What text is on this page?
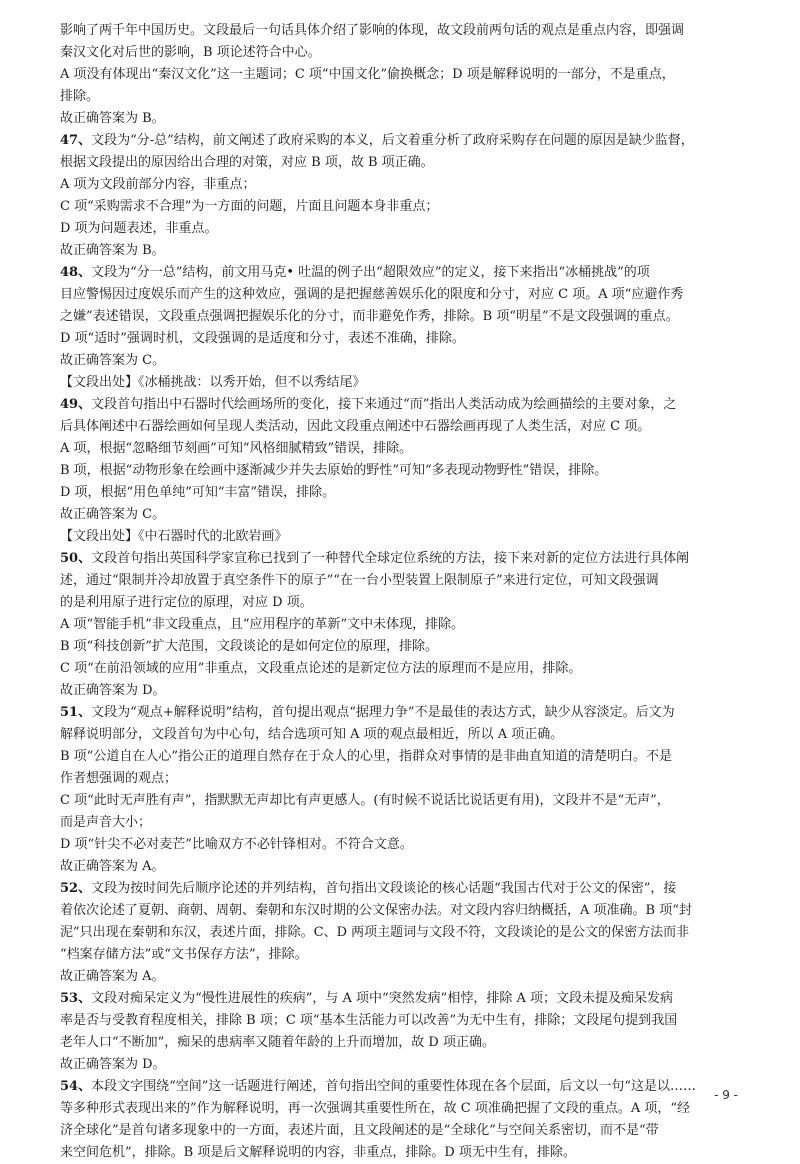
影响了两千年中国历史。文段最后一句话具体介绍了影响的体现，故文段前两句话的观点是重点内容，即强调

秦汉文化对后世的影响，B 项论述符合中心。

A 项没有体现出“秦汉文化”这一主题词；C 项“中国文化”偷换概念；D 项是解释说明的一部分，不是重点，

排除。

故正确答案为 B。

47、文段为“分-总”结构，前文阐述了政府采购的本义，后文着重分析了政府采购存在问题的原因是缺少监督，

根据文段提出的原因给出合理的对策，对应 B 项，故 B 项正确。

A 项为文段前部分内容，非重点；

C 项“采购需求不合理”为一方面的问题，片面且问题本身非重点；

D 项为问题表述，非重点。

故正确答案为 B。

48、文段为“分一总”结构，前文用马克• 吐温的例子出“超限效应”的定义，接下来指出“冰桶挑战”的项

目应警惕因过度娱乐而产生的这种效应，强调的是把握慈善娱乐化的限度和分寸，对应 C 项。A 项“应避作秀

之嫌”表述错误，文段重点强调把握娱乐化的分寸，而非避免作秀，排除。B 项“明星”不是文段强调的重点。

D 项“适时”强调时机，文段强调的是适度和分寸，表述不准确，排除。

故正确答案为 C。

【文段出处】《冰桶挑战：以秀开始，但不以秀结尾》

49、文段首句指出中石器时代绘画场所的变化，接下来通过“而”指出人类活动成为绘画描绘的主要对象，之

后具体阐述中石器绘画如何呈现人类活动，因此文段重点阐述中石器绘画再现了人类生活，对应 C 项。

A 项，根据“忽略细节刻画”可知“风格细腻精致”错误，排除。

B 项，根据“动物形象在绘画中逐渐减少并失去原始的野性”可知“多表现动物野性”错误，排除。

D 项，根据“用色单纯”可知“丰富”错误，排除。

故正确答案为 C。

【文段出处】《中石器时代的北欧岩画》

50、文段首句指出英国科学家宣称已找到了一种替代全球定位系统的方法，接下来对新的定位方法进行具体阐

述，通过“限制并冷却放置于真空条件下的原子”“在一台小型装置上限制原子”来进行定位，可知文段强调

的是利用原子进行定位的原理，对应 D 项。

A 项“智能手机”非文段重点，且“应用程序的革新”文中未体现，排除。

B 项“科技创新”扩大范围，文段谈论的是如何定位的原理，排除。

C 项“在前沿领域的应用”非重点，文段重点论述的是新定位方法的原理而不是应用，排除。

故正确答案为 D。

51、文段为“观点+解释说明”结构，首句提出观点“据理力争”不是最佳的表达方式，缺少从容淡定。后文为

解释说明部分，文段首句为中心句，结合选项可知 A 项的观点最相近，所以 A 项正确。

B 项“公道自在人心”指公正的道理自然存在于众人的心里，指群众对事情的是非曲直知道的清楚明白。不是

作者想强调的观点；

C 项“此时无声胜有声”，指默默无声却比有声更感人。(有时候不说话比说话更有用)，文段并不是“无声”，

而是声音大小；

D 项“针尖不必对麦芒”比喻双方不必针锋相对。不符合文意。

故正确答案为 A。

52、文段为按时间先后顺序论述的并列结构，首句指出文段谈论的核心话题“我国古代对于公文的保密”，接

着依次论述了夏朝、商朝、周朝、秦朝和东汉时期的公文保密办法。对文段内容归纳概括，A 项准确。B 项“封

泥”只出现在秦朝和东汉，表述片面，排除。C、D 两项主题词与文段不符，文段谈论的是公文的保密方法而非

“档案存储方法”或“文书保存方法”，排除。

故正确答案为 A。

53、文段对痴呆定义为“慢性进展性的疾病”，与 A 项中“突然发病”相悖，排除 A 项；文段未提及痴呆发病

率是否与受教育程度相关，排除 B 项；C 项“基本生活能力可以改善”为无中生有，排除；文段尾句提到我国

老年人口“不断加”，痴呆的患病率又随着年龄的上升而增加，故 D 项正确。

故正确答案为 D。

54、本段文字围绕“空间”这一话题进行阐述，首句指出空间的重要性体现在各个层面，后文以一句“这是以……

等多种形式表现出来的”作为解释说明，再一次强调其重要性所在，故 C 项准确把握了文段的重点。A 项，“经

济全球化”是首句诸多现象中的一方面，表述片面，且文段阐述的是“全球化”与空间关系密切，而不是“带

来空间危机”，排除。B 项是后文解释说明的内容，非重点，排除。D 项无中生有，排除。

- 9 -
